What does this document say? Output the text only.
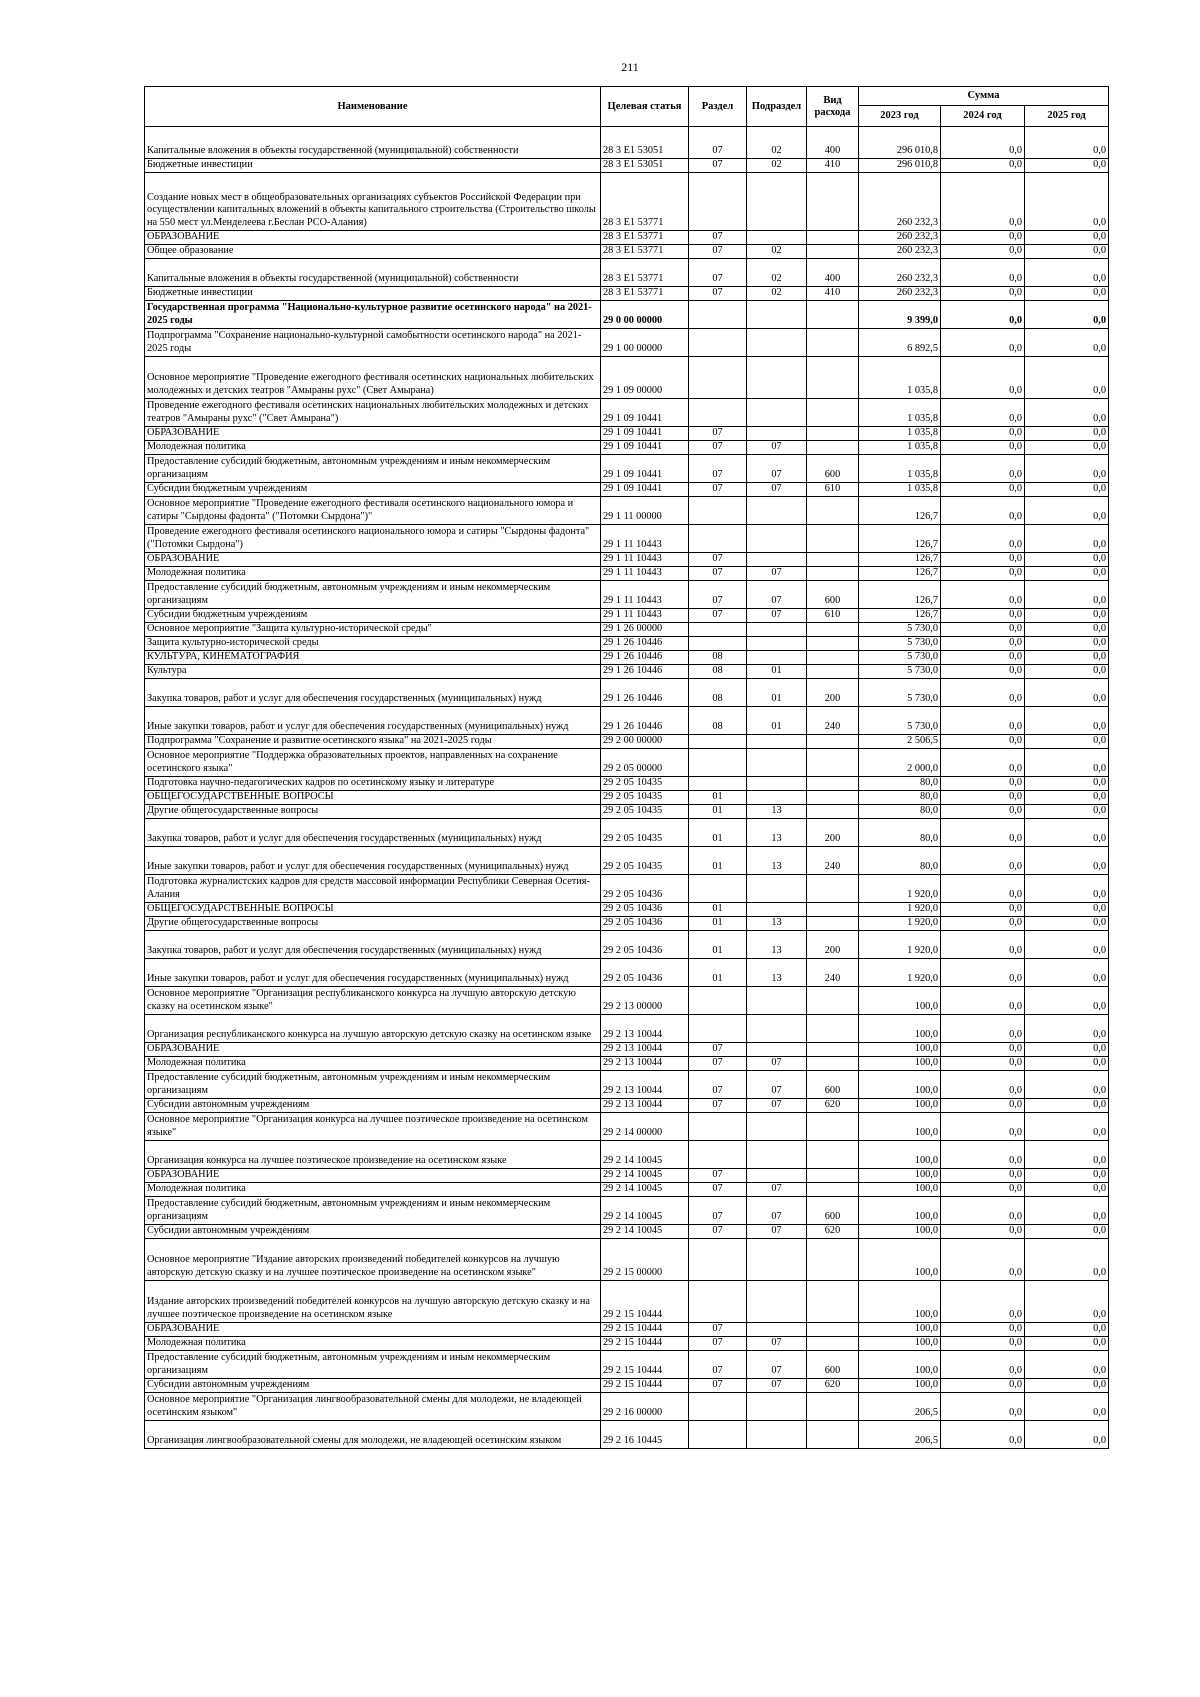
211
Наименование	Целевая статья	Раздел	Подраздел	Вид расхода	Сумма		
					2023 год	2024 год	2025 год
Капитальные вложения в объекты государственной (муниципальной) собственности	28 3 E1 53051	07	02	400	296 010,8	0,0	0,0
Бюджетные инвестиции	28 3 E1 53051	07	02	410	296 010,8	0,0	0,0
Создание новых мест в общеобразовательных организациях субъектов Российской Федерации при осуществлении капитальных вложений в объекты капитального строительства (Строительство школы на 550 мест ул.Менделеева г.Беслан РСО-Алания)	28 3 E1 53771				260 232,3	0,0	0,0
ОБРАЗОВАНИЕ	28 3 E1 53771	07			260 232,3	0,0	0,0
Общее образование	28 3 E1 53771	07	02		260 232,3	0,0	0,0
Капитальные вложения в объекты государственной (муниципальной) собственности	28 3 E1 53771	07	02	400	260 232,3	0,0	0,0
Бюджетные инвестиции	28 3 E1 53771	07	02	410	260 232,3	0,0	0,0
Государственная программа "Национально-культурное развитие осетинского народа" на 2021-2025 годы	29 0 00 00000				9 399,0	0,0	0,0
Подпрограмма "Сохранение национально-культурной самобытности осетинского народа" на 2021-2025 годы	29 1 00 00000				6 892,5	0,0	0,0
Основное мероприятие "Проведение ежегодного фестиваля осетинских национальных любительских молодежных и детских театров "Амыраны рухс" (Свет Амырана)	29 1 09 00000				1 035,8	0,0	0,0
Проведение ежегодного фестиваля осетинских национальных любительских молодежных и детских театров "Амыраны рухс" ("Свет Амырана")	29 1 09 10441				1 035,8	0,0	0,0
ОБРАЗОВАНИЕ	29 1 09 10441	07			1 035,8	0,0	0,0
Молодежная политика	29 1 09 10441	07	07		1 035,8	0,0	0,0
Предоставление субсидий бюджетным, автономным учреждениям и иным некоммерческим организациям	29 1 09 10441	07	07	600	1 035,8	0,0	0,0
Субсидии бюджетным учреждениям	29 1 09 10441	07	07	610	1 035,8	0,0	0,0
Основное мероприятие "Проведение ежегодного фестиваля осетинского национального юмора и сатиры "Сырдоны фадонта" ("Потомки Сырдона")"	29 1 11 00000				126,7	0,0	0,0
Проведение ежегодного фестиваля осетинского национального юмора и сатиры "Сырдоны фадонта" ("Потомки Сырдона")	29 1 11 10443				126,7	0,0	0,0
ОБРАЗОВАНИЕ	29 1 11 10443	07			126,7	0,0	0,0
Молодежная политика	29 1 11 10443	07	07		126,7	0,0	0,0
Предоставление субсидий бюджетным, автономным учреждениям и иным некоммерческим организациям	29 1 11 10443	07	07	600	126,7	0,0	0,0
Субсидии бюджетным учреждениям	29 1 11 10443	07	07	610	126,7	0,0	0,0
Основное мероприятие "Защита культурно-исторической среды"	29 1 26 00000				5 730,0	0,0	0,0
Защита культурно-исторической среды	29 1 26 10446				5 730,0	0,0	0,0
КУЛЬТУРА, КИНЕМАТОГРАФИЯ	29 1 26 10446	08			5 730,0	0,0	0,0
Культура	29 1 26 10446	08	01		5 730,0	0,0	0,0
Закупка товаров, работ и услуг для обеспечения государственных (муниципальных) нужд	29 1 26 10446	08	01	200	5 730,0	0,0	0,0
Иные закупки товаров, работ и услуг для обеспечения государственных (муниципальных) нужд	29 1 26 10446	08	01	240	5 730,0	0,0	0,0
Подпрограмма "Сохранение и развитие осетинского языка" на 2021-2025 годы	29 2 00 00000				2 506,5	0,0	0,0
Основное мероприятие "Поддержка образовательных проектов, направленных на сохранение осетинского языка"	29 2 05 00000				2 000,0	0,0	0,0
Подготовка научно-педагогических кадров по осетинскому языку и литературе	29 2 05 10435				80,0	0,0	0,0
ОБЩЕГОСУДАРСТВЕННЫЕ ВОПРОСЫ	29 2 05 10435	01			80,0	0,0	0,0
Другие общегосударственные вопросы	29 2 05 10435	01	13		80,0	0,0	0,0
Закупка товаров, работ и услуг для обеспечения государственных (муниципальных) нужд	29 2 05 10435	01	13	200	80,0	0,0	0,0
Иные закупки товаров, работ и услуг для обеспечения государственных (муниципальных) нужд	29 2 05 10435	01	13	240	80,0	0,0	0,0
Подготовка журналистских кадров для средств массовой информации Республики Северная Осетия-Алания	29 2 05 10436				1 920,0	0,0	0,0
ОБЩЕГОСУДАРСТВЕННЫЕ ВОПРОСЫ	29 2 05 10436	01			1 920,0	0,0	0,0
Другие общегосударственные вопросы	29 2 05 10436	01	13		1 920,0	0,0	0,0
Закупка товаров, работ и услуг для обеспечения государственных (муниципальных) нужд	29 2 05 10436	01	13	200	1 920,0	0,0	0,0
Иные закупки товаров, работ и услуг для обеспечения государственных (муниципальных) нужд	29 2 05 10436	01	13	240	1 920,0	0,0	0,0
Основное мероприятие "Организация республиканского конкурса на лучшую авторскую детскую сказку на осетинском языке"	29 2 13 00000				100,0	0,0	0,0
Организация республиканского конкурса на лучшую авторскую детскую сказку на осетинском языке	29 2 13 10044				100,0	0,0	0,0
ОБРАЗОВАНИЕ	29 2 13 10044	07			100,0	0,0	0,0
Молодежная политика	29 2 13 10044	07	07		100,0	0,0	0,0
Предоставление субсидий бюджетным, автономным учреждениям и иным некоммерческим организациям	29 2 13 10044	07	07	600	100,0	0,0	0,0
Субсидии автономным учреждениям	29 2 13 10044	07	07	620	100,0	0,0	0,0
Основное мероприятие "Организация конкурса на лучшее поэтическое произведение на осетинском языке"	29 2 14 00000				100,0	0,0	0,0
Организация конкурса на лучшее поэтическое произведение на осетинском языке	29 2 14 10045				100,0	0,0	0,0
ОБРАЗОВАНИЕ	29 2 14 10045	07			100,0	0,0	0,0
Молодежная политика	29 2 14 10045	07	07		100,0	0,0	0,0
Предоставление субсидий бюджетным, автономным учреждениям и иным некоммерческим организациям	29 2 14 10045	07	07	600	100,0	0,0	0,0
Субсидии автономным учреждениям	29 2 14 10045	07	07	620	100,0	0,0	0,0
Основное мероприятие "Издание авторских произведений победителей конкурсов на лучшую авторскую детскую сказку и на лучшее поэтическое произведение на осетинском языке"	29 2 15 00000				100,0	0,0	0,0
Издание авторских произведений победителей конкурсов на лучшую авторскую детскую сказку и на лучшее поэтическое произведение на осетинском языке	29 2 15 10444				100,0	0,0	0,0
ОБРАЗОВАНИЕ	29 2 15 10444	07			100,0	0,0	0,0
Молодежная политика	29 2 15 10444	07	07		100,0	0,0	0,0
Предоставление субсидий бюджетным, автономным учреждениям и иным некоммерческим организациям	29 2 15 10444	07	07	600	100,0	0,0	0,0
Субсидии автономным учреждениям	29 2 15 10444	07	07	620	100,0	0,0	0,0
Основное мероприятие "Организация лингвообразовательной смены для молодежи, не владеющей осетинским языком"	29 2 16 00000				206,5	0,0	0,0
Организация лингвообразовательной смены для молодежи, не владеющей осетинским языком	29 2 16 10445				206,5	0,0	0,0
